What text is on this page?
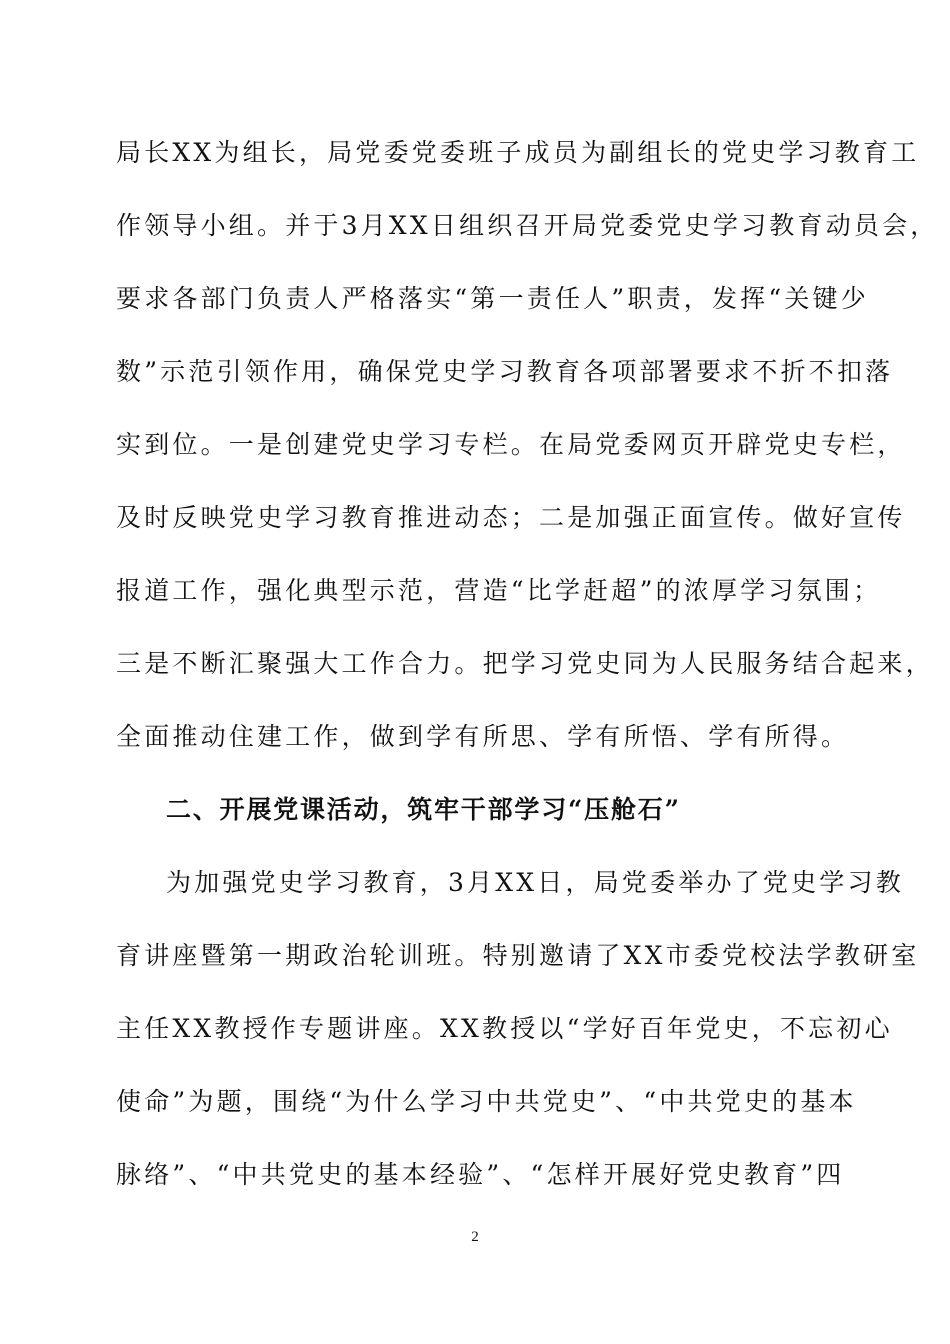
局长XX为组长，局党委党委班子成员为副组长的党史学习教育工
作领导小组。并于3月XX日组织召开局党委党史学习教育动员会，
要求各部门负责人严格落实“第一责任人”职责，发挥“关键少
数”示范引领作用，确保党史学习教育各项部署要求不折不扣落
实到位。一是创建党史学习专栏。在局党委网页开辟党史专栏，
及时反映党史学习教育推进动态；二是加强正面宣传。做好宣传
报道工作，强化典型示范，营造“比学赶超”的浓厚学习氛围；
三是不断汇聚强大工作合力。把学习党史同为人民服务结合起来，
全面推动住建工作，做到学有所思、学有所悟、学有所得。
二、开展党课活动，筑牢干部学习“压舱石”
为加强党史学习教育，3月XX日，局党委举办了党史学习教
育讲座暨第一期政治轮训班。特别邀请了XX市委党校法学教研室
主任XX教授作专题讲座。XX教授以“学好百年党史，不忘初心
使命”为题，围绕“为什么学习中共党史”、“中共党史的基本
脉络”、“中共党史的基本经验”、“怎样开展好党史教育”四
2
